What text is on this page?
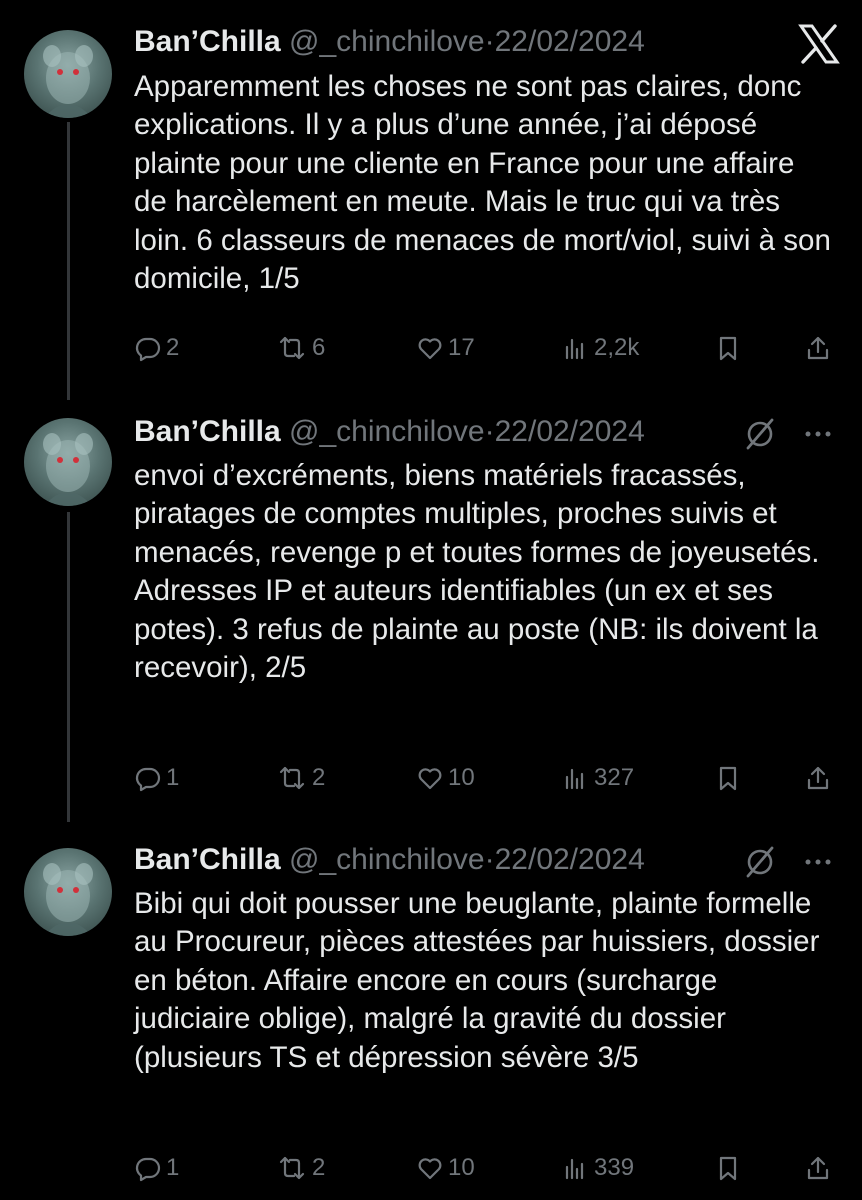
Ban’Chilla @_chinchilove·22/02/2024
Apparemment les choses ne sont pas claires, donc explications. Il y a plus d’une année, j’ai déposé plainte pour une cliente en France pour une affaire de harcèlement en meute. Mais le truc qui va très loin. 6 classeurs de menaces de mort/viol, suivi à son domicile, 1/5
2	6	17	2,2k
Ban’Chilla @_chinchilove·22/02/2024
envoi d’excréments, biens matériels fracassés, piratages de comptes multiples, proches suivis et menacés, revenge p et toutes formes de joyeusetés. Adresses IP et auteurs identifiables (un ex et ses potes). 3 refus de plainte au poste (NB: ils doivent la recevoir), 2/5
1	2	10	327
Ban’Chilla @_chinchilove·22/02/2024
Bibi qui doit pousser une beuglante, plainte formelle au Procureur, pièces attestées par huissiers, dossier en béton. Affaire encore en cours (surcharge judiciaire oblige), malgré la gravité du dossier (plusieurs TS et dépression sévère 3/5
1	2	10	339
